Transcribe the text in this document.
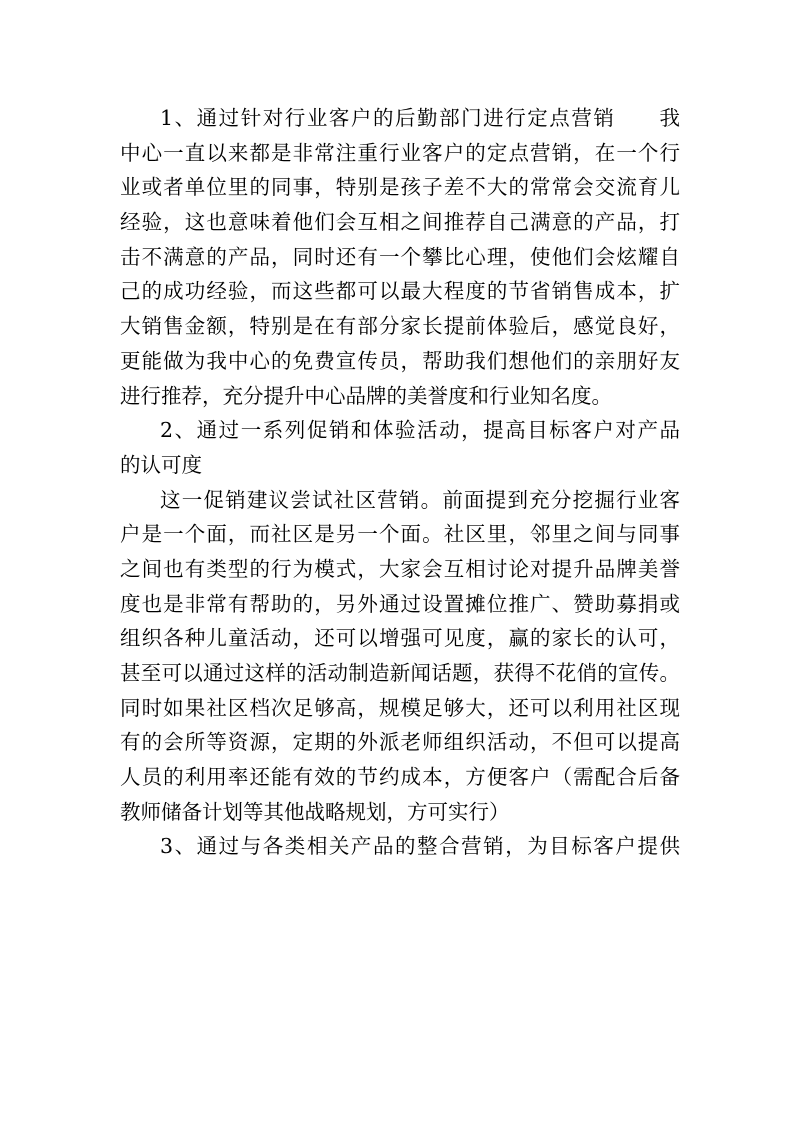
1、通过针对行业客户的后勤部门进行定点营销　　我
中心一直以来都是非常注重行业客户的定点营销，在一个行
业或者单位里的同事，特别是孩子差不大的常常会交流育儿
经验，这也意味着他们会互相之间推荐自己满意的产品，打
击不满意的产品，同时还有一个攀比心理，使他们会炫耀自
己的成功经验，而这些都可以最大程度的节省销售成本，扩
大销售金额，特别是在有部分家长提前体验后，感觉良好，
更能做为我中心的免费宣传员，帮助我们想他们的亲朋好友
进行推荐，充分提升中心品牌的美誉度和行业知名度。
2、通过一系列促销和体验活动，提高目标客户对产品
的认可度
这一促销建议尝试社区营销。前面提到充分挖掘行业客
户是一个面，而社区是另一个面。社区里，邻里之间与同事
之间也有类型的行为模式，大家会互相讨论对提升品牌美誉
度也是非常有帮助的，另外通过设置摊位推广、赞助募捐或
组织各种儿童活动，还可以增强可见度，赢的家长的认可，
甚至可以通过这样的活动制造新闻话题，获得不花俏的宣传。
同时如果社区档次足够高，规模足够大，还可以利用社区现
有的会所等资源，定期的外派老师组织活动，不但可以提高
人员的利用率还能有效的节约成本，方便客户（需配合后备
教师储备计划等其他战略规划，方可实行）
3、通过与各类相关产品的整合营销，为目标客户提供
